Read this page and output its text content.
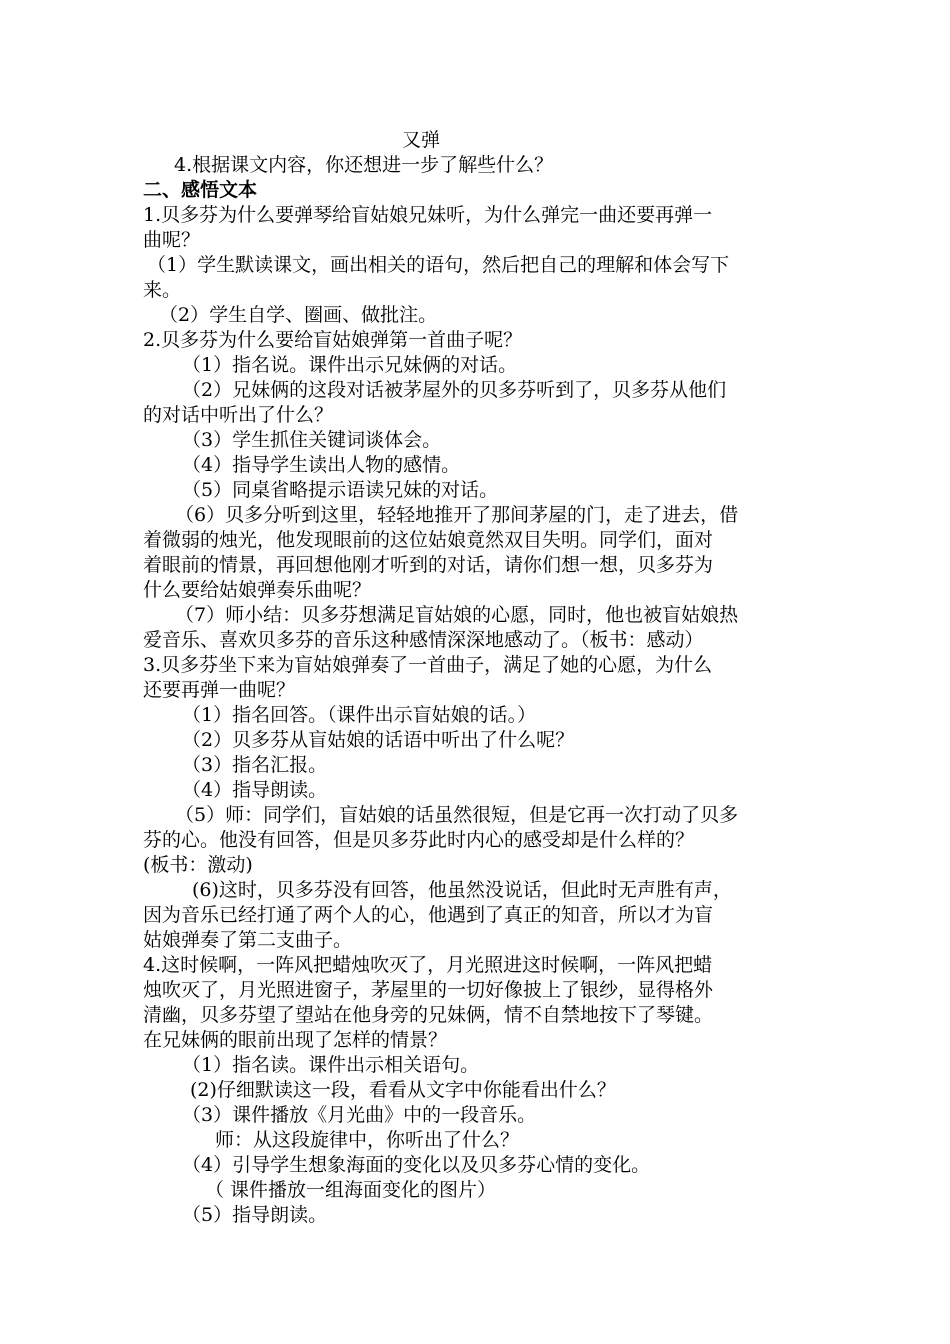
又弹
4.根据课文内容，你还想进一步了解些什么？
二、感悟文本
1.贝多芬为什么要弹琴给盲姑娘兄妹听，为什么弹完一曲还要再弹一
曲呢？
（1）学生默读课文，画出相关的语句，然后把自己的理解和体会写下
来。
（2）学生自学、圈画、做批注。
2.贝多芬为什么要给盲姑娘弹第一首曲子呢？
（1）指名说。课件出示兄妹俩的对话。
（2）兄妹俩的这段对话被茅屋外的贝多芬听到了，贝多芬从他们
的对话中听出了什么？
（3）学生抓住关键词谈体会。
（4）指导学生读出人物的感情。
（5）同桌省略提示语读兄妹的对话。
（6）贝多分听到这里，轻轻地推开了那间茅屋的门，走了进去，借
着微弱的烛光，他发现眼前的这位姑娘竟然双目失明。同学们，面对
着眼前的情景，再回想他刚才听到的对话，请你们想一想，贝多芬为
什么要给姑娘弹奏乐曲呢？
（7）师小结：贝多芬想满足盲姑娘的心愿，同时，他也被盲姑娘热
爱音乐、喜欢贝多芬的音乐这种感情深深地感动了。（板书：感动）
3.贝多芬坐下来为盲姑娘弹奏了一首曲子，满足了她的心愿，为什么
还要再弹一曲呢？
（1）指名回答。（课件出示盲姑娘的话。）
（2）贝多芬从盲姑娘的话语中听出了什么呢？
（3）指名汇报。
（4）指导朗读。
（5）师：同学们，盲姑娘的话虽然很短，但是它再一次打动了贝多
芬的心。他没有回答，但是贝多芬此时内心的感受却是什么样的？
(板书：激动)
(6)这时，贝多芬没有回答，他虽然没说话，但此时无声胜有声，
因为音乐已经打通了两个人的心，他遇到了真正的知音，所以才为盲
姑娘弹奏了第二支曲子。
4.这时候啊，一阵风把蜡烛吹灭了，月光照进这时候啊，一阵风把蜡
烛吹灭了，月光照进窗子，茅屋里的一切好像披上了银纱，显得格外
清幽，贝多芬望了望站在他身旁的兄妹俩，情不自禁地按下了琴键。
在兄妹俩的眼前出现了怎样的情景？
（1）指名读。课件出示相关语句。
(2)仔细默读这一段，看看从文字中你能看出什么？
（3）课件播放《月光曲》中的一段音乐。
师：从这段旋律中，你听出了什么？
（4）引导学生想象海面的变化以及贝多芬心情的变化。
（ 课件播放一组海面变化的图片）
（5）指导朗读。
